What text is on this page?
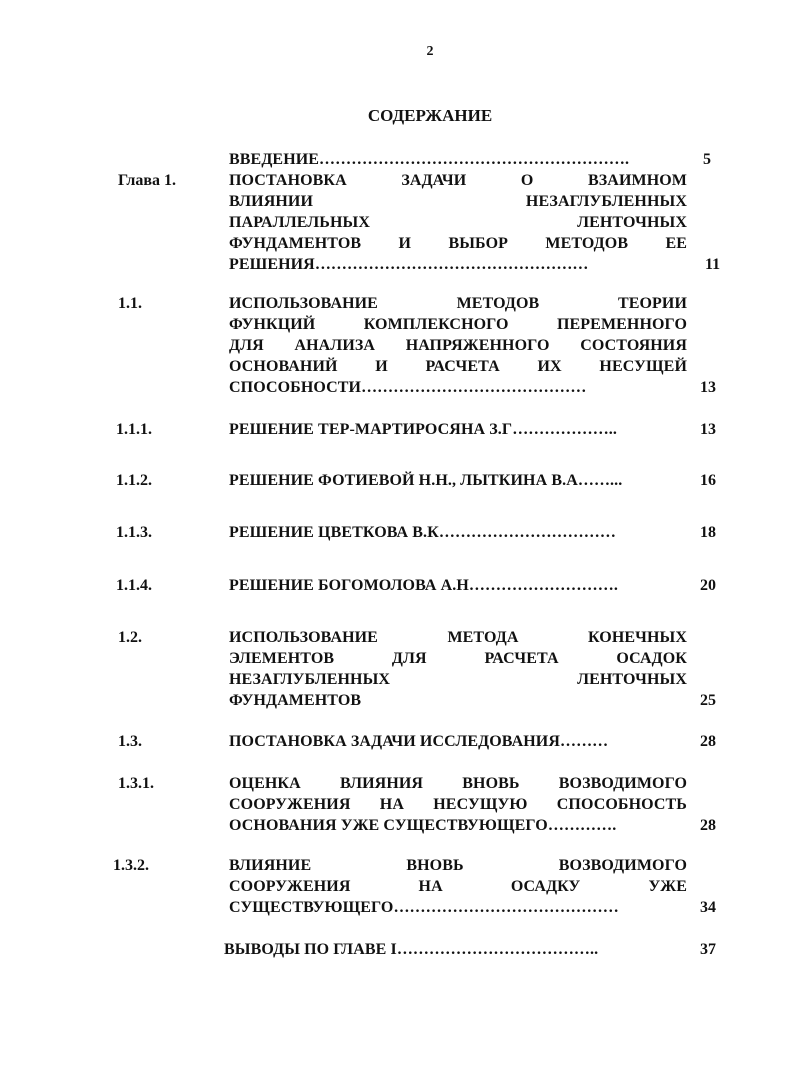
2
СОДЕРЖАНИЕ
ВВЕДЕНИЕ………………………………………………….	5
Глава 1.	ПОСТАНОВКА ЗАДАЧИ О ВЗАИМНОМ
ВЛИЯНИИ НЕЗАГЛУБЛЕННЫХ
ПАРАЛЛЕЛЬНЫХ ЛЕНТОЧНЫХ
ФУНДАМЕНТОВ И ВЫБОР МЕТОДОВ ЕЕ
РЕШЕНИЯ……………………………………………	11
1.1.	ИСПОЛЬЗОВАНИЕ МЕТОДОВ ТЕОРИИ
ФУНКЦИЙ КОМПЛЕКСНОГО ПЕРЕМЕННОГО
ДЛЯ АНАЛИЗА НАПРЯЖЕННОГО СОСТОЯНИЯ
ОСНОВАНИЙ И РАСЧЕТА ИХ НЕСУЩЕЙ
СПОСОБНОСТИ……………………………………	13
1.1.1.	РЕШЕНИЕ ТЕР-МАРТИРОСЯНА З.Г………………..	13
1.1.2.	РЕШЕНИЕ ФОТИЕВОЙ Н.Н., ЛЫТКИНА В.А……...	16
1.1.3.	РЕШЕНИЕ ЦВЕТКОВА В.К……………………………	18
1.1.4.	РЕШЕНИЕ БОГОМОЛОВА А.Н……………………….	20
1.2.	ИСПОЛЬЗОВАНИЕ МЕТОДА КОНЕЧНЫХ
ЭЛЕМЕНТОВ ДЛЯ РАСЧЕТА ОСАДОК
НЕЗАГЛУБЛЕННЫХ ЛЕНТОЧНЫХ
ФУНДАМЕНТОВ	25
1.3.	ПОСТАНОВКА ЗАДАЧИ ИССЛЕДОВАНИЯ………	28
1.3.1.	ОЦЕНКА ВЛИЯНИЯ ВНОВЬ ВОЗВОДИМОГО
СООРУЖЕНИЯ НА НЕСУЩУЮ СПОСОБНОСТЬ
ОСНОВАНИЯ УЖЕ СУЩЕСТВУЮЩЕГО………….	28
1.3.2.	ВЛИЯНИЕ ВНОВЬ ВОЗВОДИМОГО
СООРУЖЕНИЯ НА ОСАДКУ УЖЕ
СУЩЕСТВУЮЩЕГО……………………………………	34
ВЫВОДЫ ПО ГЛАВЕ I………………………………..	37
